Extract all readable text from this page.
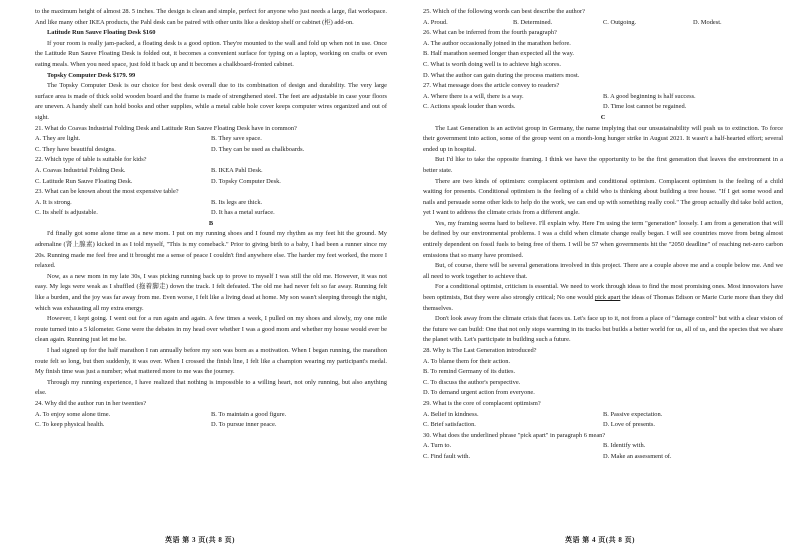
to the maximum height of almost 28. 5 inches. The design is clean and simple, perfect for anyone who just needs a large, flat workspace. And like many other IKEA products, the Pahl desk can be paired with other units like a desktop shelf or cabinet (柜) add-on.

Latitude Run Sauve Floating Desk $160

If your room is really jam-packed, a floating desk is a good option. They're mounted to the wall and fold up when not in use. Once the Latitude Run Sauve Floating Desk is folded out, it becomes a convenient surface for typing on a laptop, working on crafts or even eating meals. When you need space, just fold it back up and it becomes a chalkboard-fronted cabinet.

Topsky Computer Desk $179. 99

The Topsky Computer Desk is our choice for best desk overall due to its combination of design and durability. The very large surface area is made of thick solid wooden board and the frame is made of strengthened steel. The feet are adjustable in case your floors are uneven. A handy shelf can hold books and other supplies, while a metal cable hole cover keeps computer wires organized and out of sight.

21. What do Coavas Industrial Folding Desk and Latitude Run Sauve Floating Desk have in common?

A. They are light.	B. They save space.
C. They have beautiful designs.	D. They can be used as chalkboards.

22. Which type of table is suitable for kids?

A. Coavas Industrial Folding Desk.	B. IKEA Pahl Desk.
C. Latitude Run Sauve Floating Desk.	D. Topsky Computer Desk.

23. What can be known about the most expensive table?

A. It is strong.	B. Its legs are thick.
C. Its shelf is adjustable.	D. It has a metal surface.

B

I'd finally got some alone time as a new mom. I put on my running shoes and I found my rhythm as my feet hit the ground. My adrenaline (肾上腺素) kicked in as I told myself, "This is my comeback." Prior to giving birth to a baby, I had been a runner since my 20s. Running made me feel free and it brought me a sense of peace I couldn't find anywhere else. The harder my feet worked, the more I relaxed.

Now, as a new mom in my late 30s, I was picking running back up to prove to myself I was still the old me. However, it was not easy. My legs were weak as I shuffled (拖着脚走) down the track. I felt defeated. The old me had never felt so far away. Running felt like a burden, and the joy was far away from me. Even worse, I felt like a living dead at home. My son wasn't sleeping through the night, which was exhausting all my extra energy.

However, I kept going. I went out for a run again and again. A few times a week, I pulled on my shoes and slowly, my one mile route turned into a 5 kilometer. Gone were the debates in my head over whether I was a good mom and whether my house would ever be clean again. Running just let me be.

I had signed up for the half marathon I ran annually before my son was born as a motivation. When I began running, the marathon route felt so long, but then suddenly, it was over. When I crossed the finish line, I felt like a champion wearing my participant's medal. My finish time was just a number; what mattered more to me was the journey.

Through my running experience, I have realized that nothing is impossible to a willing heart, not only running, but also anything else.

24. Why did the author run in her twenties?

A. To enjoy some alone time.	B. To maintain a good figure.
C. To keep physical health.	D. To pursue inner peace.
英语 第 3 页(共 8 页)

25. Which of the following words can best describe the author?

A. Proud.	B. Determined.	C. Outgoing.	D. Modest.

26. What can be inferred from the fourth paragraph?

A. The author occasionally joined in the marathon before.

B. Half marathon seemed longer than expected all the way.

C. What is worth doing well is to achieve high scores.

D. What the author can gain during the process matters most.

27. What message does the article convey to readers?

A. Where there is a will, there is a way.	B. A good beginning is half success.
C. Actions speak louder than words.	D. Time lost cannot be regained.

C

The Last Generation is an activist group in Germany, the name implying that our unsustainability will push us to extinction. To force their government into action, some of the group went on a month-long hunger strike in August 2021. It wasn't a half-hearted effort; several ended up in hospital.

But I'd like to take the opposite framing. I think we have the opportunity to be the first generation that leaves the environment in a better state.

There are two kinds of optimism: complacent optimism and conditional optimism. Complacent optimism is the feeling of a child waiting for presents. Conditional optimism is the feeling of a child who is thinking about building a tree house. "If I get some wood and nails and persuade some other kids to help do the work, we can end up with something really cool." The group actually did take bold action, yet I want to address the climate crisis from a different angle.

Yes, my framing seems hard to believe. I'll explain why. Here I'm using the term "generation" loosely. I am from a generation that will be defined by our environmental problems. I was a child when climate change really began. I will see countries move from being almost entirely dependent on fossil fuels to being free of them. I will be 57 when governments hit the "2050 deadline" of reaching net-zero carbon emissions that so many have promised.

But, of course, there will be several generations involved in this project. There are a couple above me and a couple below me. And we all need to work together to achieve that.

For a conditional optimist, criticism is essential. We need to work through ideas to find the most promising ones. Most innovators have been optimists, But they were also strongly critical; No one would pick apart the ideas of Thomas Edison or Marie Curie more than they did themselves.

Don't look away from the climate crisis that faces us. Let's face up to it, not from a place of "damage control" but with a clear vision of the future we can build: One that not only stops warming in its tracks but builds a better world for us, all of us, and the species that we share the planet with. Let's participate in building such a future.

28. Why is The Last Generation introduced?

A. To blame them for their action.

B. To remind Germany of its duties.

C. To discuss the author's perspective.

D. To demand urgent action from everyone.

29. What is the core of complacent optimism?

A. Belief in kindness.	B. Passive expectation.
C. Brief satisfaction.	D. Love of presents.

30. What does the underlined phrase "pick apart" in paragraph 6 mean?

A. Turn to.	B. Identify with.
C. Find fault with.	D. Make an assessment of.
英语 第 4 页(共 8 页)
